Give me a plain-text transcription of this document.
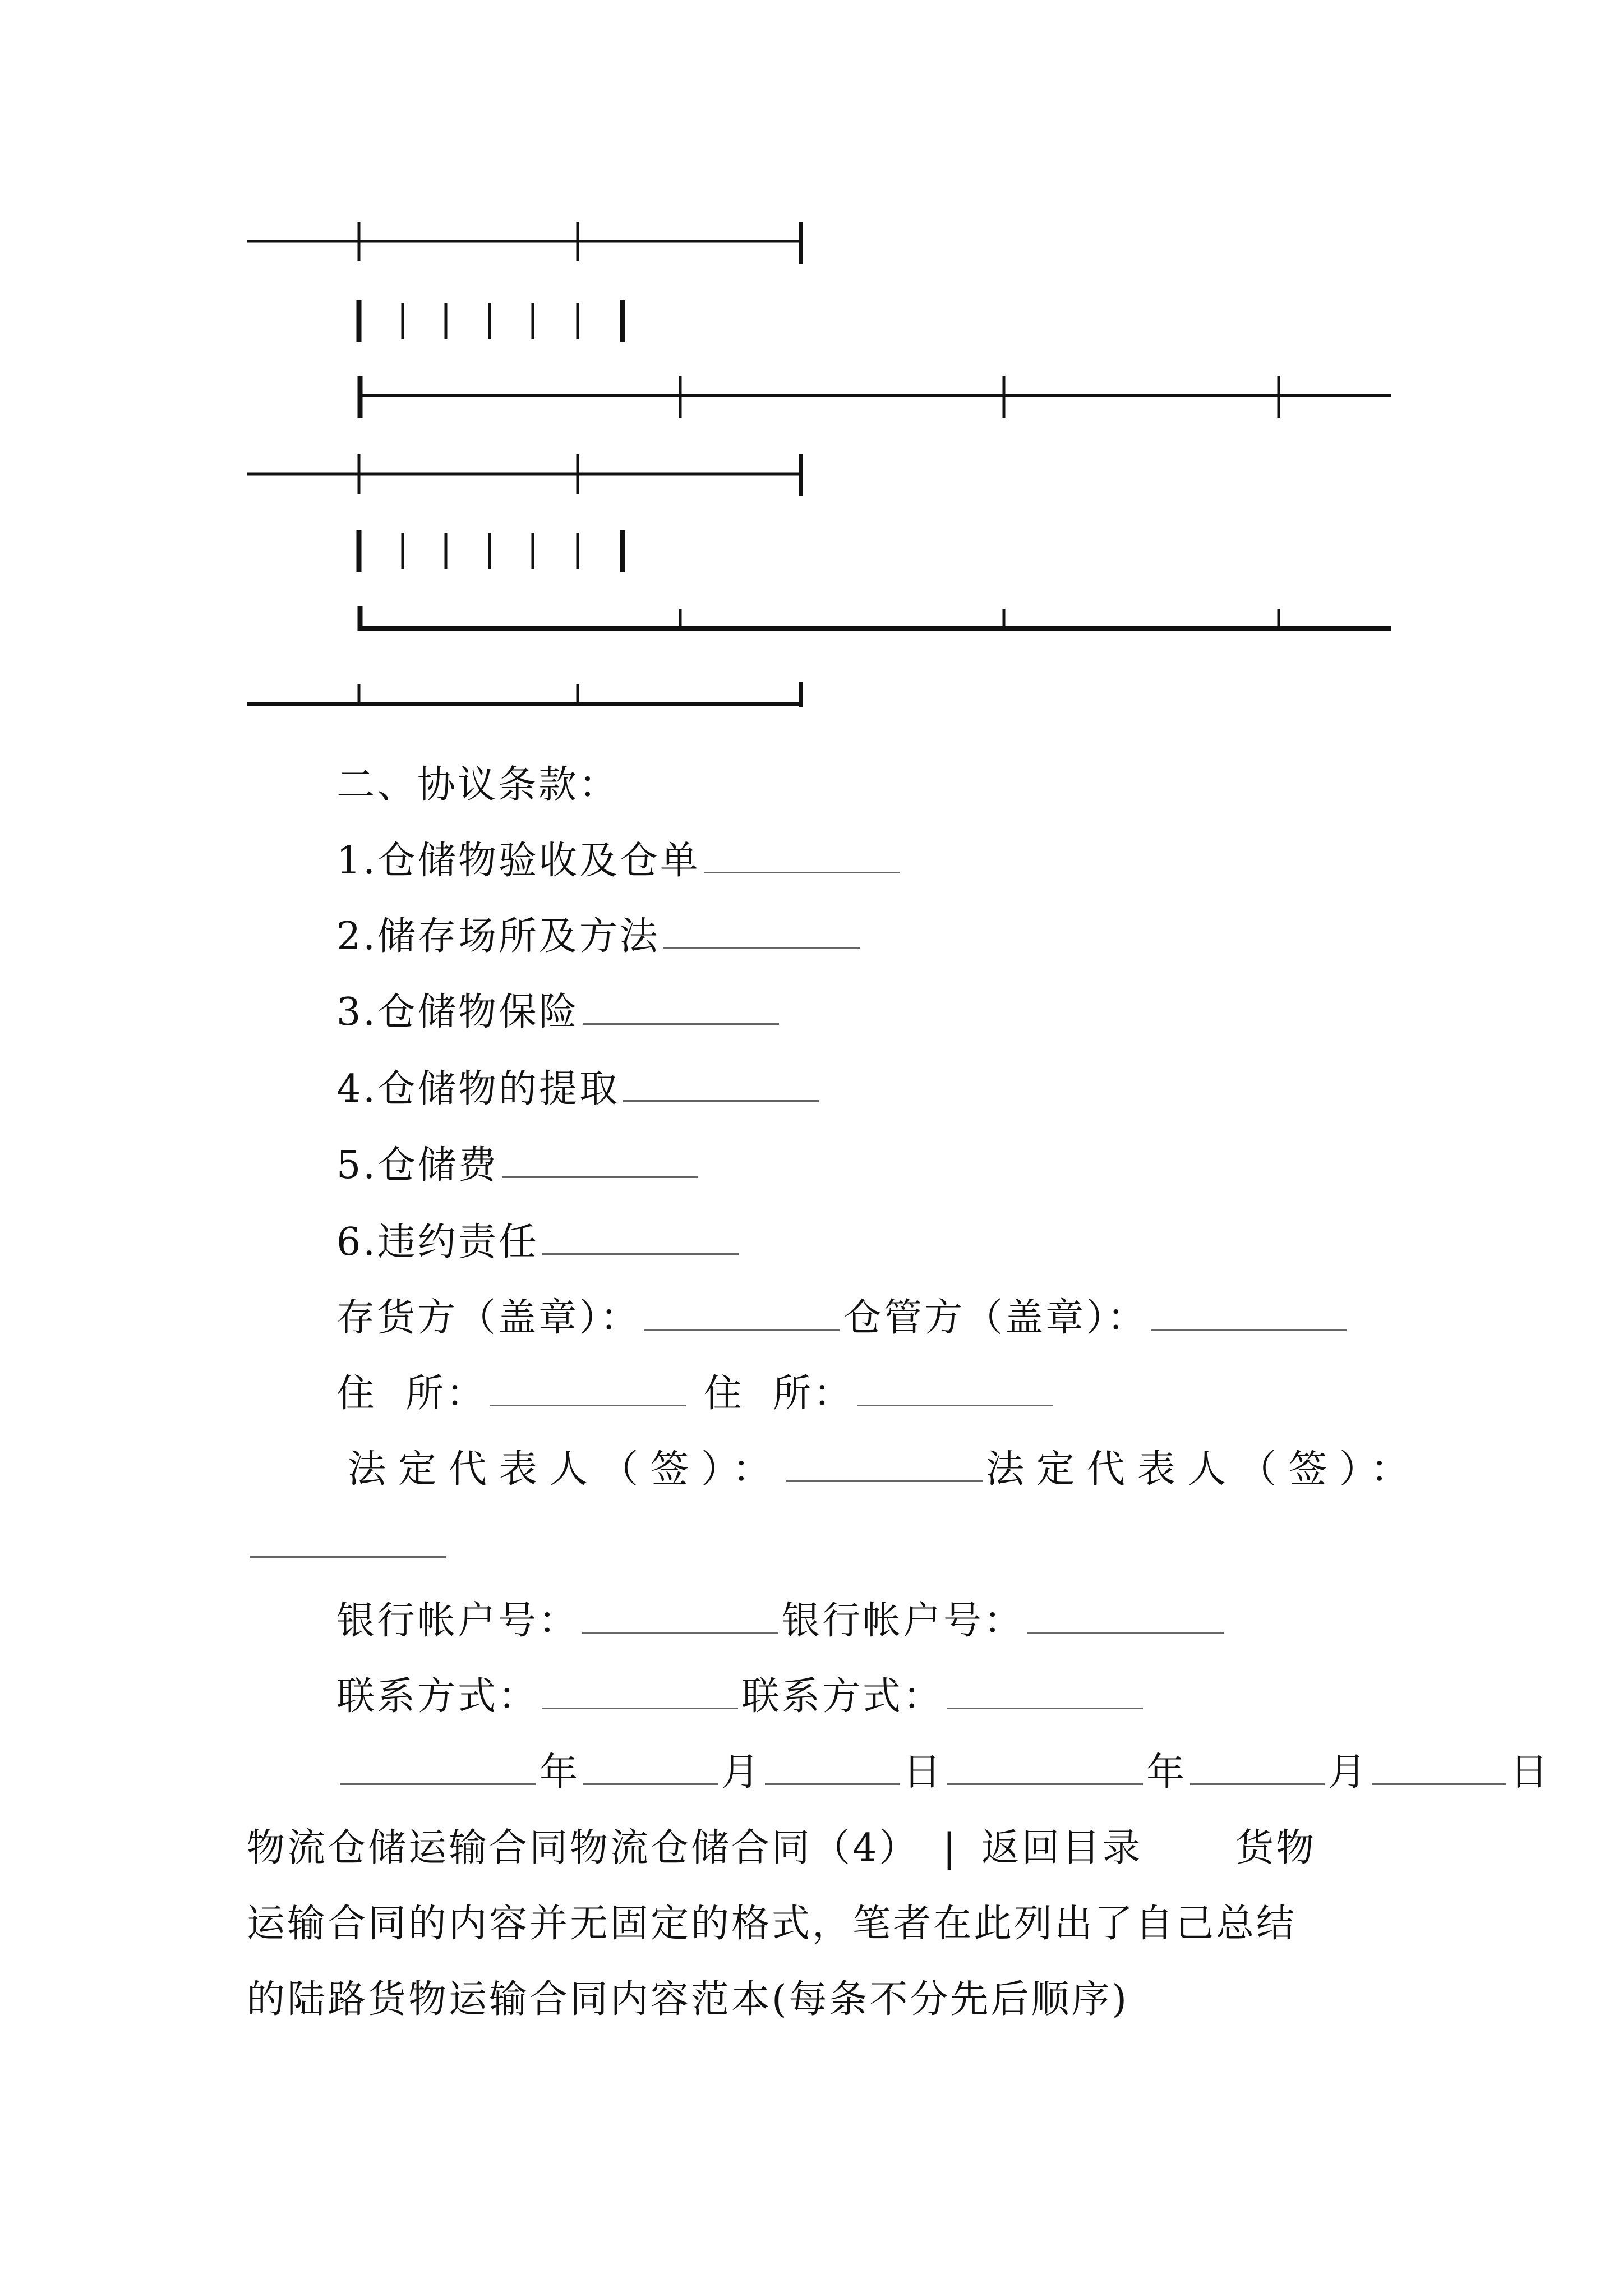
二、协议条款：
1.仓储物验收及仓单
2.储存场所及方法
3.仓储物保险
4.仓储物的提取
5.仓储费
6.违约责任
存货方（盖章）：	仓管方（盖章）：
住  所：	住  所：
法定代表人（签）：	法定代表人（签）：
银行帐户号：	银行帐户号：
联系方式：	联系方式：
年	月	日	年	月	日
物流仓储运输合同物流仓储合同（4） | 返回目录 货物
运输合同的内容并无固定的格式，笔者在此列出了自己总结
的陆路货物运输合同内容范本(每条不分先后顺序)
